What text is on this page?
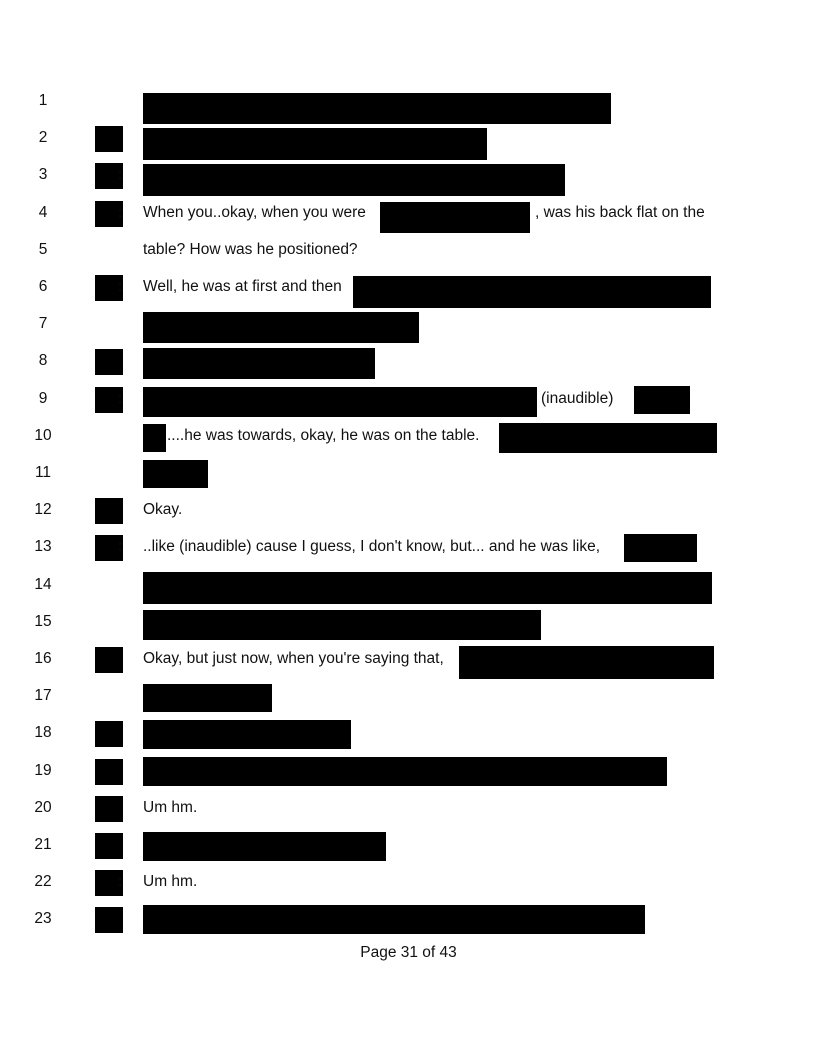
1
2
3	:
4	: When you..okay, when you were	, was his back flat on the
5	table? How was he positioned?
6	: Well, he was at first and then
7
8
9	:	(inaudible)
10	....he was towards, okay, he was on the table.
11
12	Okay.
13	: ..like (inaudible) cause I guess, I don't know, but... and he was like,
14
15
16	Okay, but just now, when you're saying that,
17
18
19
20	Um hm.
21
22	: Um hm.
23
Page 31 of 43
